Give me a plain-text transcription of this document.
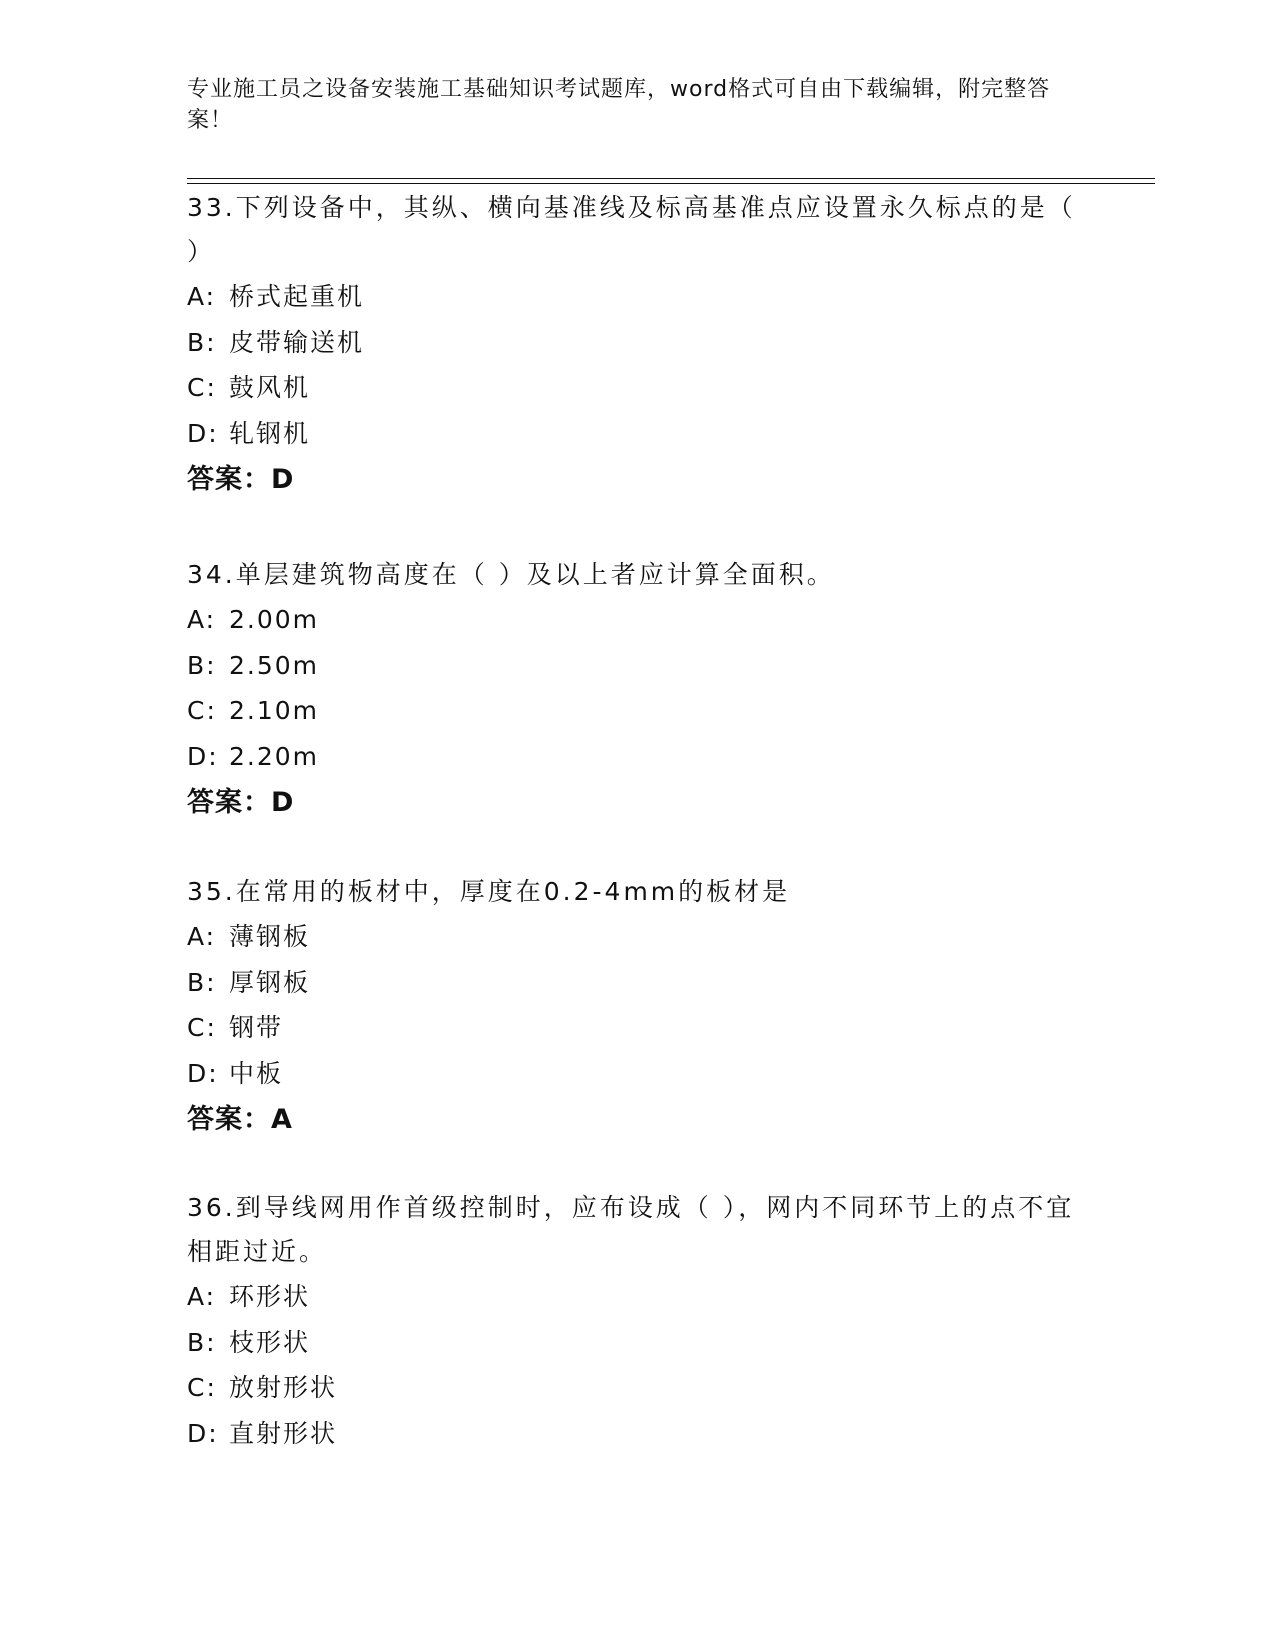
专业施工员之设备安装施工基础知识考试题库，word格式可自由下载编辑，附完整答案！

33.下列设备中，其纵、横向基准线及标高基准点应设置永久标点的是（ ）

A: 桥式起重机

B: 皮带输送机

C: 鼓风机

D: 轧钢机

答案：D

34.单层建筑物高度在（ ）及以上者应计算全面积。

A: 2.00m

B: 2.50m

C: 2.10m

D: 2.20m

答案：D

35.在常用的板材中，厚度在0.2-4mm的板材是

A: 薄钢板

B: 厚钢板

C: 钢带

D: 中板

答案：A

36.到导线网用作首级控制时，应布设成（ ），网内不同环节上的点不宜相距过近。

A: 环形状

B: 枝形状

C: 放射形状

D: 直射形状
